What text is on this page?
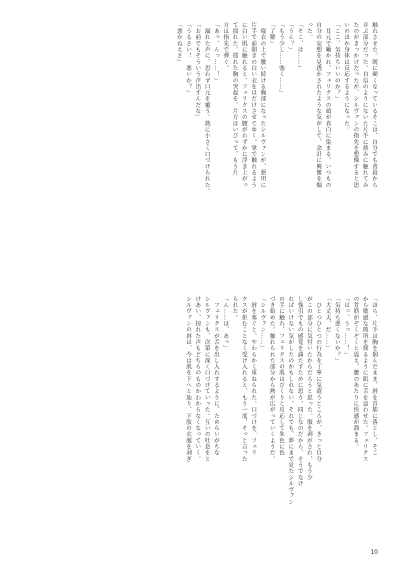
触れさせた。既に硬くなっているそこは、自分でも普段から
弄ぶ部分だった。自信のようにないた片手に挟みに触れてみ
たのがきっかけだったが、シルヴァンの指先を想像すると思
いのほか身体は反応するようになった。
「ここ、気持ちいいのか？」
　耳元で囁かれ、フェリクスの頭が真白に染まる。いつもの
自分の妄想を見透かされたような気がして、余計に興奮を煽
った。
「そこ、は……」
「うん？」
「もう少し……強く……」
「了解」
　寝衣の上で腰い続ける胸部になったシルヴァンが、悪用に
片手で前開きの白い衣をはだけさせてゆく。掌で触れるよう
に白い肌に触れると、フェリクスの腰がわずかに浮き上がっ
て揺れた。揺れた胸の突起を、片方はいびって、もう片
方は指先で弾ぐ。
「あっ、んっ……！」
　漏れた声に、思わず口元を覆う。熱に小さく口づけられた。
「お前でもそういう声出すんだな」
「うるさい！　悪いか？」
「悪かねえさ」
「ほら、片手は胸を掴んだまま、唇を首筋に落とし、そこ
から敏感な箇所を探るように肌に舌を這わせた。フェリクス
の背筋がぞくぞくと震え、腰のあたりに快感が溜まる。
「はっ、うっ……！」
「気持ち悪くないか？」
「大丈夫、だ……」
　ひとつひとつの行為を丁寧に気遣うところが、きっと自分
がこの部分に気付いたからだろうと思った。服を剥がされ、もう少
し強引でもの感覚を満たすために思う。同じなのだから、そうでなけ
ればいけない気がしたのかもしれない。それでも、夢にまで見たシルヴァン
の手に触れ、フェリクスの肌はびくりと反応して朱色に色
づき始めた。触れられた部分から熱が広がっていくようだ。
「シルヴァン……」
　唇を塞ぐと、やわらかく重ねられた。口づけを、フェリ
クスが拒むことなく受け入れると、もう一度、そっと言った
られた。
「ん……は、あっ」
　フェリクスが舌を出し入れするように、ためらいがちな
シルヴァンも、次第に深く口づけていった。互いの吐息をと
けあい、掠れた声もどちらのものかわからなくなっていく。
シルヴァンの唇は、今は肌を下へと辿り、下肢の衣服を剥ぎ
10
